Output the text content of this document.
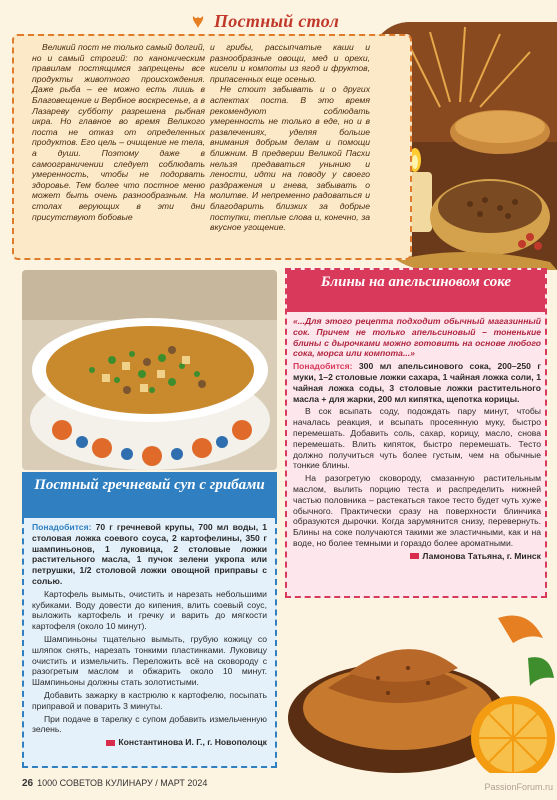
Постный стол

Великий пост не только самый долгий, но и самый строгий: по каноническим правилам постящимся запрещены все продукты животного происхождения. Даже рыба – ее можно есть лишь в Благовещение и Вербное воскресенье, а в Лазареву субботу разрешена рыбная икра. Но главное во время Великого поста не отказ от определенных продуктов. Его цель – очищение не тела, а души. Поэтому даже в самоограничении следует соблюдать умеренность, чтобы не подорвать здоровье. Тем более что постное меню может быть очень разнообразным. На столах верующих в эти дни присутствуют бобовые

и грибы, рассыпчатые каши и разнообразные овощи, мед и орехи, кисели и компоты из ягод и фруктов, припасенных еще осенью.

Не стоит забывать и о других аспектах поста. В это время рекомендуют соблюдать умеренность не только в еде, но и в развлечениях, уделяя больше внимания добрым делам и помощи ближним. В предверии Великой Пасхи нельзя предаваться унынию и лености, идти на поводу у своего раздражения и гнева, забывать о молитве. И непременно радоваться и благодарить близких за добрые поступки, теплые слова и, конечно, за вкусное угощение.

Постный гречневый суп с грибами

Понадобится: 70 г гречневой крупы, 700 мл воды, 1 столовая ложка соевого соуса, 2 картофелины, 350 г шампиньонов, 1 луковица, 2 столовые ложки растительного масла, 1 пучок зелени укропа или петрушки, 1/2 столовой ложки овощной приправы с солью.

Картофель вымыть, очистить и нарезать небольшими кубиками. Воду довести до кипения, влить соевый соус, выложить картофель и гречку и варить до мягкости картофеля (около 10 минут).

Шампиньоны тщательно вымыть, грубую кожицу со шляпок снять, нарезать тонкими пластинками. Луковицу очистить и измельчить. Переложить всё на сковороду с разогретым маслом и обжарить около 10 минут. Шампиньоны должны стать золотистыми.

Добавить зажарку в кастрюлю к картофелю, посыпать приправой и поварить 3 минуты.

При подаче в тарелку с супом добавить измельченную зелень.

Константинова И. Г., г. Новополоцк
Блины на апельсиновом соке

«...Для этого рецепта подходит обычный магазинный сок. Причем не только апельсиновый – тоненькие блины с дырочками можно готовить на основе любого сока, морса или компота...»

Понадобится: 300 мл апельсинового сока, 200–250 г муки, 1–2 столовые ложки сахара, 1 чайная ложка соли, 1 чайная ложка соды, 3 столовые ложки растительного масла + для жарки, 200 мл кипятка, щепотка корицы.

В сок всыпать соду, подождать пару минут, чтобы началась реакция, и всыпать просеянную муку, быстро перемешать. Добавить соль, сахар, корицу, масло, снова перемешать. Влить кипяток, быстро перемешать. Тесто должно получиться чуть более густым, чем на обычные тонкие блины.

На разогретую сковороду, смазанную растительным маслом, вылить порцию теста и распределить нижней частью половника – растекаться такое тесто будет чуть хуже обычного. Практически сразу на поверхности блинчика образуются дырочки. Когда зарумянится снизу, перевернуть. Блины на соке получаются такими же эластичными, как и на воде, но более темными и гораздо более ароматными.

Ламонова Татьяна, г. Минск
26 1000 СОВЕТОВ КУЛИНАРУ / МАРТ 2024	PassionForum.ru
